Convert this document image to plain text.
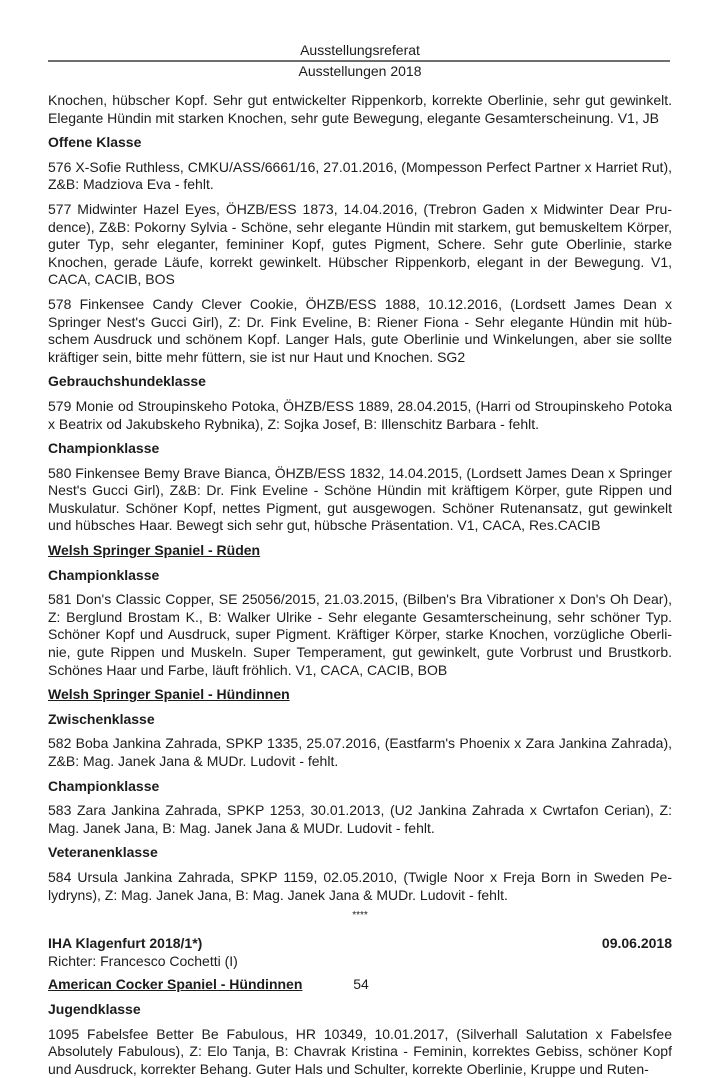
Ausstellungsreferat
Ausstellungen 2018

Knochen, hübscher Kopf. Sehr gut entwickelter Rippenkorb, korrekte Oberlinie, sehr gut gewinkelt. Elegante Hündin mit starken Knochen, sehr gute Bewegung, elegante Gesamterscheinung. V1, JB

Offene Klasse

576 X-Sofie Ruthless, CMKU/ASS/6661/16, 27.01.2016, (Mompesson Perfect Partner x Harriet Rut), Z&B: Madziova Eva - fehlt.

577 Midwinter Hazel Eyes, ÖHZB/ESS 1873, 14.04.2016, (Trebron Gaden x Midwinter Dear Prudence), Z&B: Pokorny Sylvia - Schöne, sehr elegante Hündin mit starkem, gut bemuskeltem Körper, guter Typ, sehr eleganter, femininer Kopf, gutes Pigment, Schere. Sehr gute Oberlinie, starke Knochen, gerade Läufe, korrekt gewinkelt. Hübscher Rippenkorb, elegant in der Bewegung. V1, CACA, CACIB, BOS

578 Finkensee Candy Clever Cookie, ÖHZB/ESS 1888, 10.12.2016, (Lordsett James Dean x Springer Nest's Gucci Girl), Z: Dr. Fink Eveline, B: Riener Fiona - Sehr elegante Hündin mit hübschem Ausdruck und schönem Kopf. Langer Hals, gute Oberlinie und Winkelungen, aber sie sollte kräftiger sein, bitte mehr füttern, sie ist nur Haut und Knochen. SG2

Gebrauchshundeklasse

579 Monie od Stroupinskeho Potoka, ÖHZB/ESS 1889, 28.04.2015, (Harri od Stroupinskeho Potoka x Beatrix od Jakubskeho Rybnika), Z: Sojka Josef, B: Illenschitz Barbara - fehlt.

Championklasse

580 Finkensee Bemy Brave Bianca, ÖHZB/ESS 1832, 14.04.2015, (Lordsett James Dean x Springer Nest's Gucci Girl), Z&B: Dr. Fink Eveline - Schöne Hündin mit kräftigem Körper, gute Rippen und Muskulatur. Schöner Kopf, nettes Pigment, gut ausgewogen. Schöner Rutenansatz, gut gewinkelt und hübsches Haar. Bewegt sich sehr gut, hübsche Präsentation. V1, CACA, Res.CACIB

Welsh Springer Spaniel - Rüden
Championklasse

581 Don's Classic Copper, SE 25056/2015, 21.03.2015, (Bilben's Bra Vibrationer x Don's Oh Dear), Z: Berglund Brostam K., B: Walker Ulrike - Sehr elegante Gesamterscheinung, sehr schöner Typ. Schöner Kopf und Ausdruck, super Pigment. Kräftiger Körper, starke Knochen, vorzügliche Oberlinie, gute Rippen und Muskeln. Super Temperament, gut gewinkelt, gute Vorbrust und Brustkorb. Schönes Haar und Farbe, läuft fröhlich. V1, CACA, CACIB, BOB

Welsh Springer Spaniel - Hündinnen
Zwischenklasse

582 Boba Jankina Zahrada, SPKP 1335, 25.07.2016, (Eastfarm's Phoenix x Zara Jankina Zahrada), Z&B: Mag. Janek Jana & MUDr. Ludovit - fehlt.

Championklasse

583 Zara Jankina Zahrada, SPKP 1253, 30.01.2013, (U2 Jankina Zahrada x Cwrtafon Cerian), Z: Mag. Janek Jana, B: Mag. Janek Jana & MUDr. Ludovit - fehlt.

Veteranenklasse

584 Ursula Jankina Zahrada, SPKP 1159, 02.05.2010, (Twigle Noor x Freja Born in Sweden Pelydryns), Z: Mag. Janek Jana, B: Mag. Janek Jana & MUDr. Ludovit - fehlt.

****
IHA Klagenfurt 2018/1*)	09.06.2018
Richter: Francesco Cochetti (I)
American Cocker Spaniel - Hündinnen
Jugendklasse

1095 Fabelsfee Better Be Fabulous, HR 10349, 10.01.2017, (Silverhall Salutation x Fabelsfee Absolutely Fabulous), Z: Elo Tanja, B: Chavrak Kristina - Feminin, korrektes Gebiss, schöner Kopf und Ausdruck, korrekter Behang. Guter Hals und Schulter, korrekte Oberlinie, Kruppe und Ruten-

54
